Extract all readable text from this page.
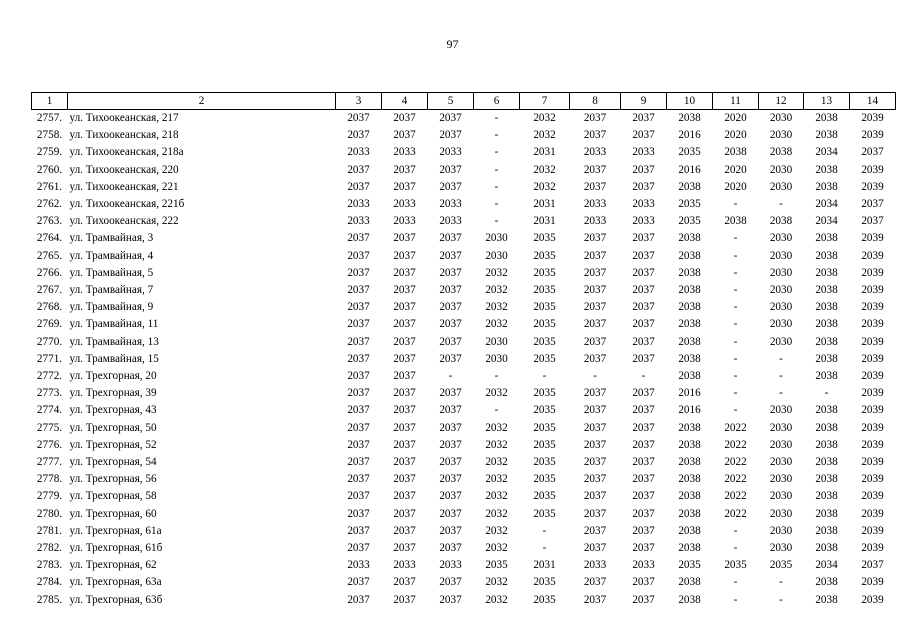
97
1	2	3	4	5	6	7	8	9	10	11	12	13	14
2757.	ул. Тихоокеанская, 217	2037	2037	2037	-	2032	2037	2037	2038	2020	2030	2038	2039
2758.	ул. Тихоокеанская, 218	2037	2037	2037	-	2032	2037	2037	2016	2020	2030	2038	2039
2759.	ул. Тихоокеанская, 218а	2033	2033	2033	-	2031	2033	2033	2035	2038	2038	2034	2037
2760.	ул. Тихоокеанская, 220	2037	2037	2037	-	2032	2037	2037	2016	2020	2030	2038	2039
2761.	ул. Тихоокеанская, 221	2037	2037	2037	-	2032	2037	2037	2038	2020	2030	2038	2039
2762.	ул. Тихоокеанская, 221б	2033	2033	2033	-	2031	2033	2033	2035	-	-	2034	2037
2763.	ул. Тихоокеанская, 222	2033	2033	2033	-	2031	2033	2033	2035	2038	2038	2034	2037
2764.	ул. Трамвайная, 3	2037	2037	2037	2030	2035	2037	2037	2038	-	2030	2038	2039
2765.	ул. Трамвайная, 4	2037	2037	2037	2030	2035	2037	2037	2038	-	2030	2038	2039
2766.	ул. Трамвайная, 5	2037	2037	2037	2032	2035	2037	2037	2038	-	2030	2038	2039
2767.	ул. Трамвайная, 7	2037	2037	2037	2032	2035	2037	2037	2038	-	2030	2038	2039
2768.	ул. Трамвайная, 9	2037	2037	2037	2032	2035	2037	2037	2038	-	2030	2038	2039
2769.	ул. Трамвайная, 11	2037	2037	2037	2032	2035	2037	2037	2038	-	2030	2038	2039
2770.	ул. Трамвайная, 13	2037	2037	2037	2030	2035	2037	2037	2038	-	2030	2038	2039
2771.	ул. Трамвайная, 15	2037	2037	2037	2030	2035	2037	2037	2038	-	-	2038	2039
2772.	ул. Трехгорная, 20	2037	2037	-	-	-	-	-	2038	-	-	2038	2039
2773.	ул. Трехгорная, 39	2037	2037	2037	2032	2035	2037	2037	2016	-	-	-	2039
2774.	ул. Трехгорная, 43	2037	2037	2037	-	2035	2037	2037	2016	-	2030	2038	2039
2775.	ул. Трехгорная, 50	2037	2037	2037	2032	2035	2037	2037	2038	2022	2030	2038	2039
2776.	ул. Трехгорная, 52	2037	2037	2037	2032	2035	2037	2037	2038	2022	2030	2038	2039
2777.	ул. Трехгорная, 54	2037	2037	2037	2032	2035	2037	2037	2038	2022	2030	2038	2039
2778.	ул. Трехгорная, 56	2037	2037	2037	2032	2035	2037	2037	2038	2022	2030	2038	2039
2779.	ул. Трехгорная, 58	2037	2037	2037	2032	2035	2037	2037	2038	2022	2030	2038	2039
2780.	ул. Трехгорная, 60	2037	2037	2037	2032	2035	2037	2037	2038	2022	2030	2038	2039
2781.	ул. Трехгорная, 61а	2037	2037	2037	2032	-	2037	2037	2038	-	2030	2038	2039
2782.	ул. Трехгорная, 61б	2037	2037	2037	2032	-	2037	2037	2038	-	2030	2038	2039
2783.	ул. Трехгорная, 62	2033	2033	2033	2035	2031	2033	2033	2035	2035	2035	2034	2037
2784.	ул. Трехгорная, 63а	2037	2037	2037	2032	2035	2037	2037	2038	-	-	2038	2039
2785.	ул. Трехгорная, 63б	2037	2037	2037	2032	2035	2037	2037	2038	-	-	2038	2039
